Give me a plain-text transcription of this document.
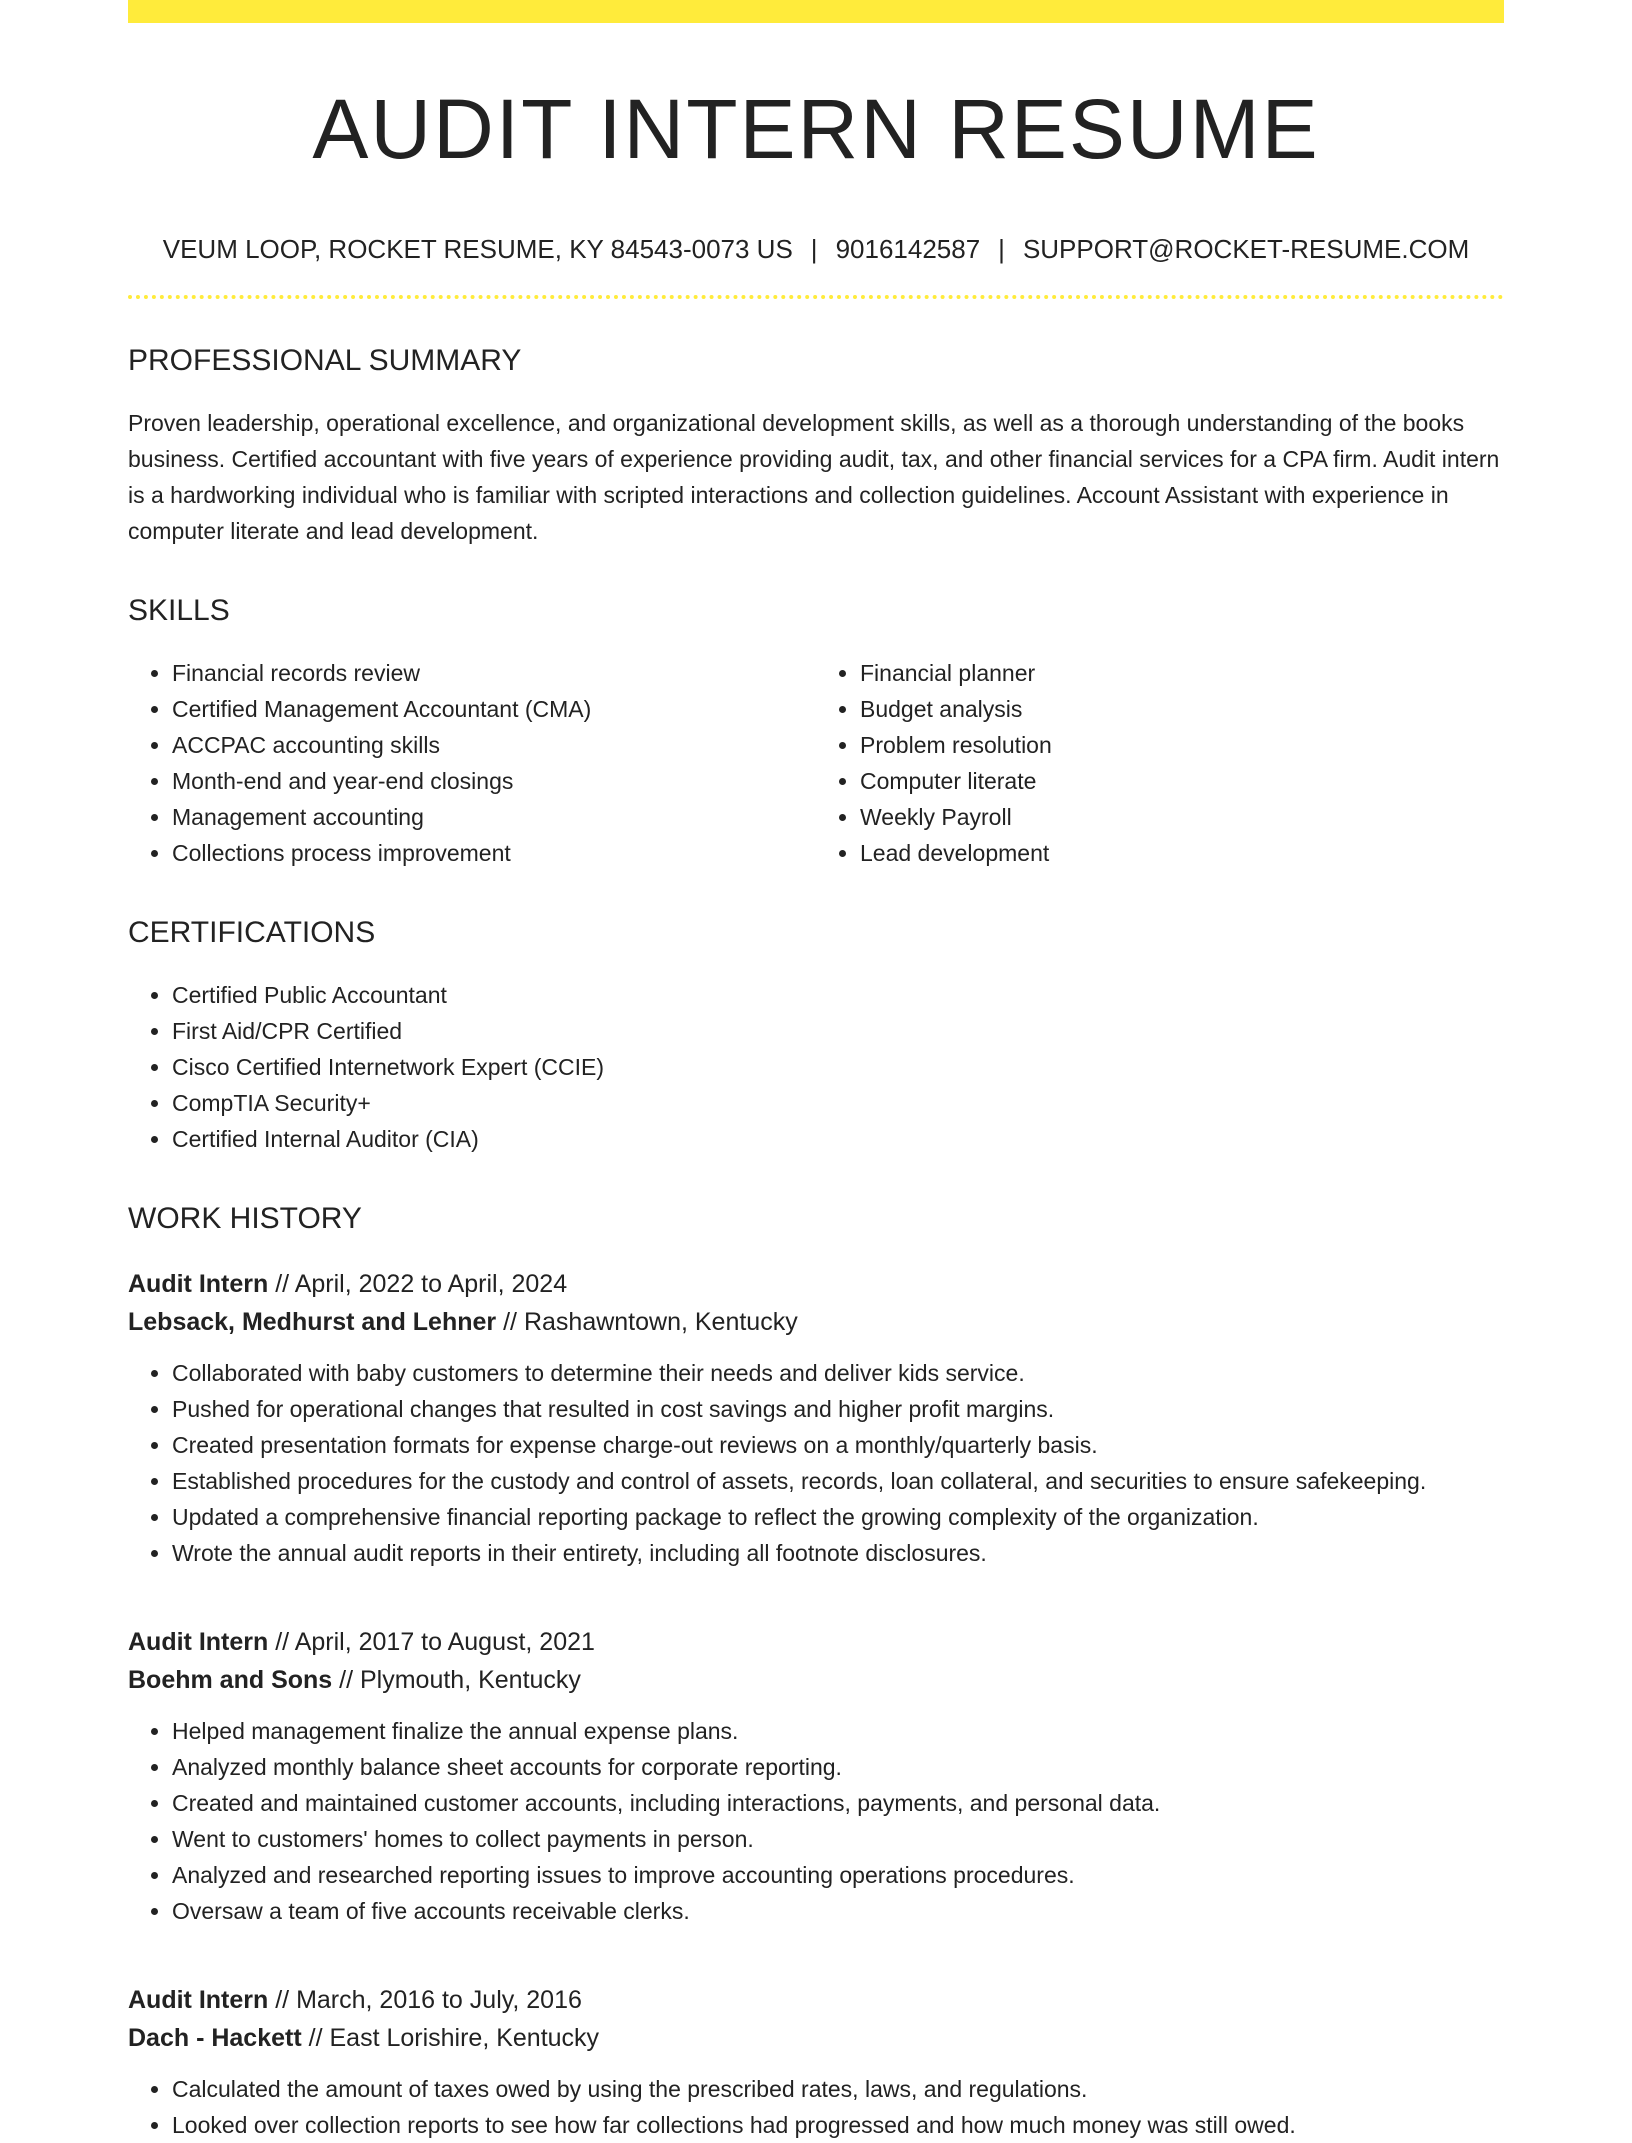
AUDIT INTERN RESUME
VEUM LOOP, ROCKET RESUME, KY 84543-0073 US | 9016142587 | SUPPORT@ROCKET-RESUME.COM
PROFESSIONAL SUMMARY

Proven leadership, operational excellence, and organizational development skills, as well as a thorough understanding of the books business. Certified accountant with five years of experience providing audit, tax, and other financial services for a CPA firm. Audit intern is a hardworking individual who is familiar with scripted interactions and collection guidelines. Account Assistant with experience in computer literate and lead development.

SKILLS
• Financial records review
• Certified Management Accountant (CMA)
• ACCPAC accounting skills
• Month-end and year-end closings
• Management accounting
• Collections process improvement
• Financial planner
• Budget analysis
• Problem resolution
• Computer literate
• Weekly Payroll
• Lead development
CERTIFICATIONS
• Certified Public Accountant
• First Aid/CPR Certified
• Cisco Certified Internetwork Expert (CCIE)
• CompTIA Security+
• Certified Internal Auditor (CIA)
WORK HISTORY
Audit Intern // April, 2022 to April, 2024
Lebsack, Medhurst and Lehner // Rashawntown, Kentucky
• Collaborated with baby customers to determine their needs and deliver kids service.
• Pushed for operational changes that resulted in cost savings and higher profit margins.
• Created presentation formats for expense charge-out reviews on a monthly/quarterly basis.
• Established procedures for the custody and control of assets, records, loan collateral, and securities to ensure safekeeping.
• Updated a comprehensive financial reporting package to reflect the growing complexity of the organization.
• Wrote the annual audit reports in their entirety, including all footnote disclosures.
Audit Intern // April, 2017 to August, 2021
Boehm and Sons // Plymouth, Kentucky
• Helped management finalize the annual expense plans.
• Analyzed monthly balance sheet accounts for corporate reporting.
• Created and maintained customer accounts, including interactions, payments, and personal data.
• Went to customers' homes to collect payments in person.
• Analyzed and researched reporting issues to improve accounting operations procedures.
• Oversaw a team of five accounts receivable clerks.
Audit Intern // March, 2016 to July, 2016
Dach - Hackett // East Lorishire, Kentucky
• Calculated the amount of taxes owed by using the prescribed rates, laws, and regulations.
• Looked over collection reports to see how far collections had progressed and how much money was still owed.
